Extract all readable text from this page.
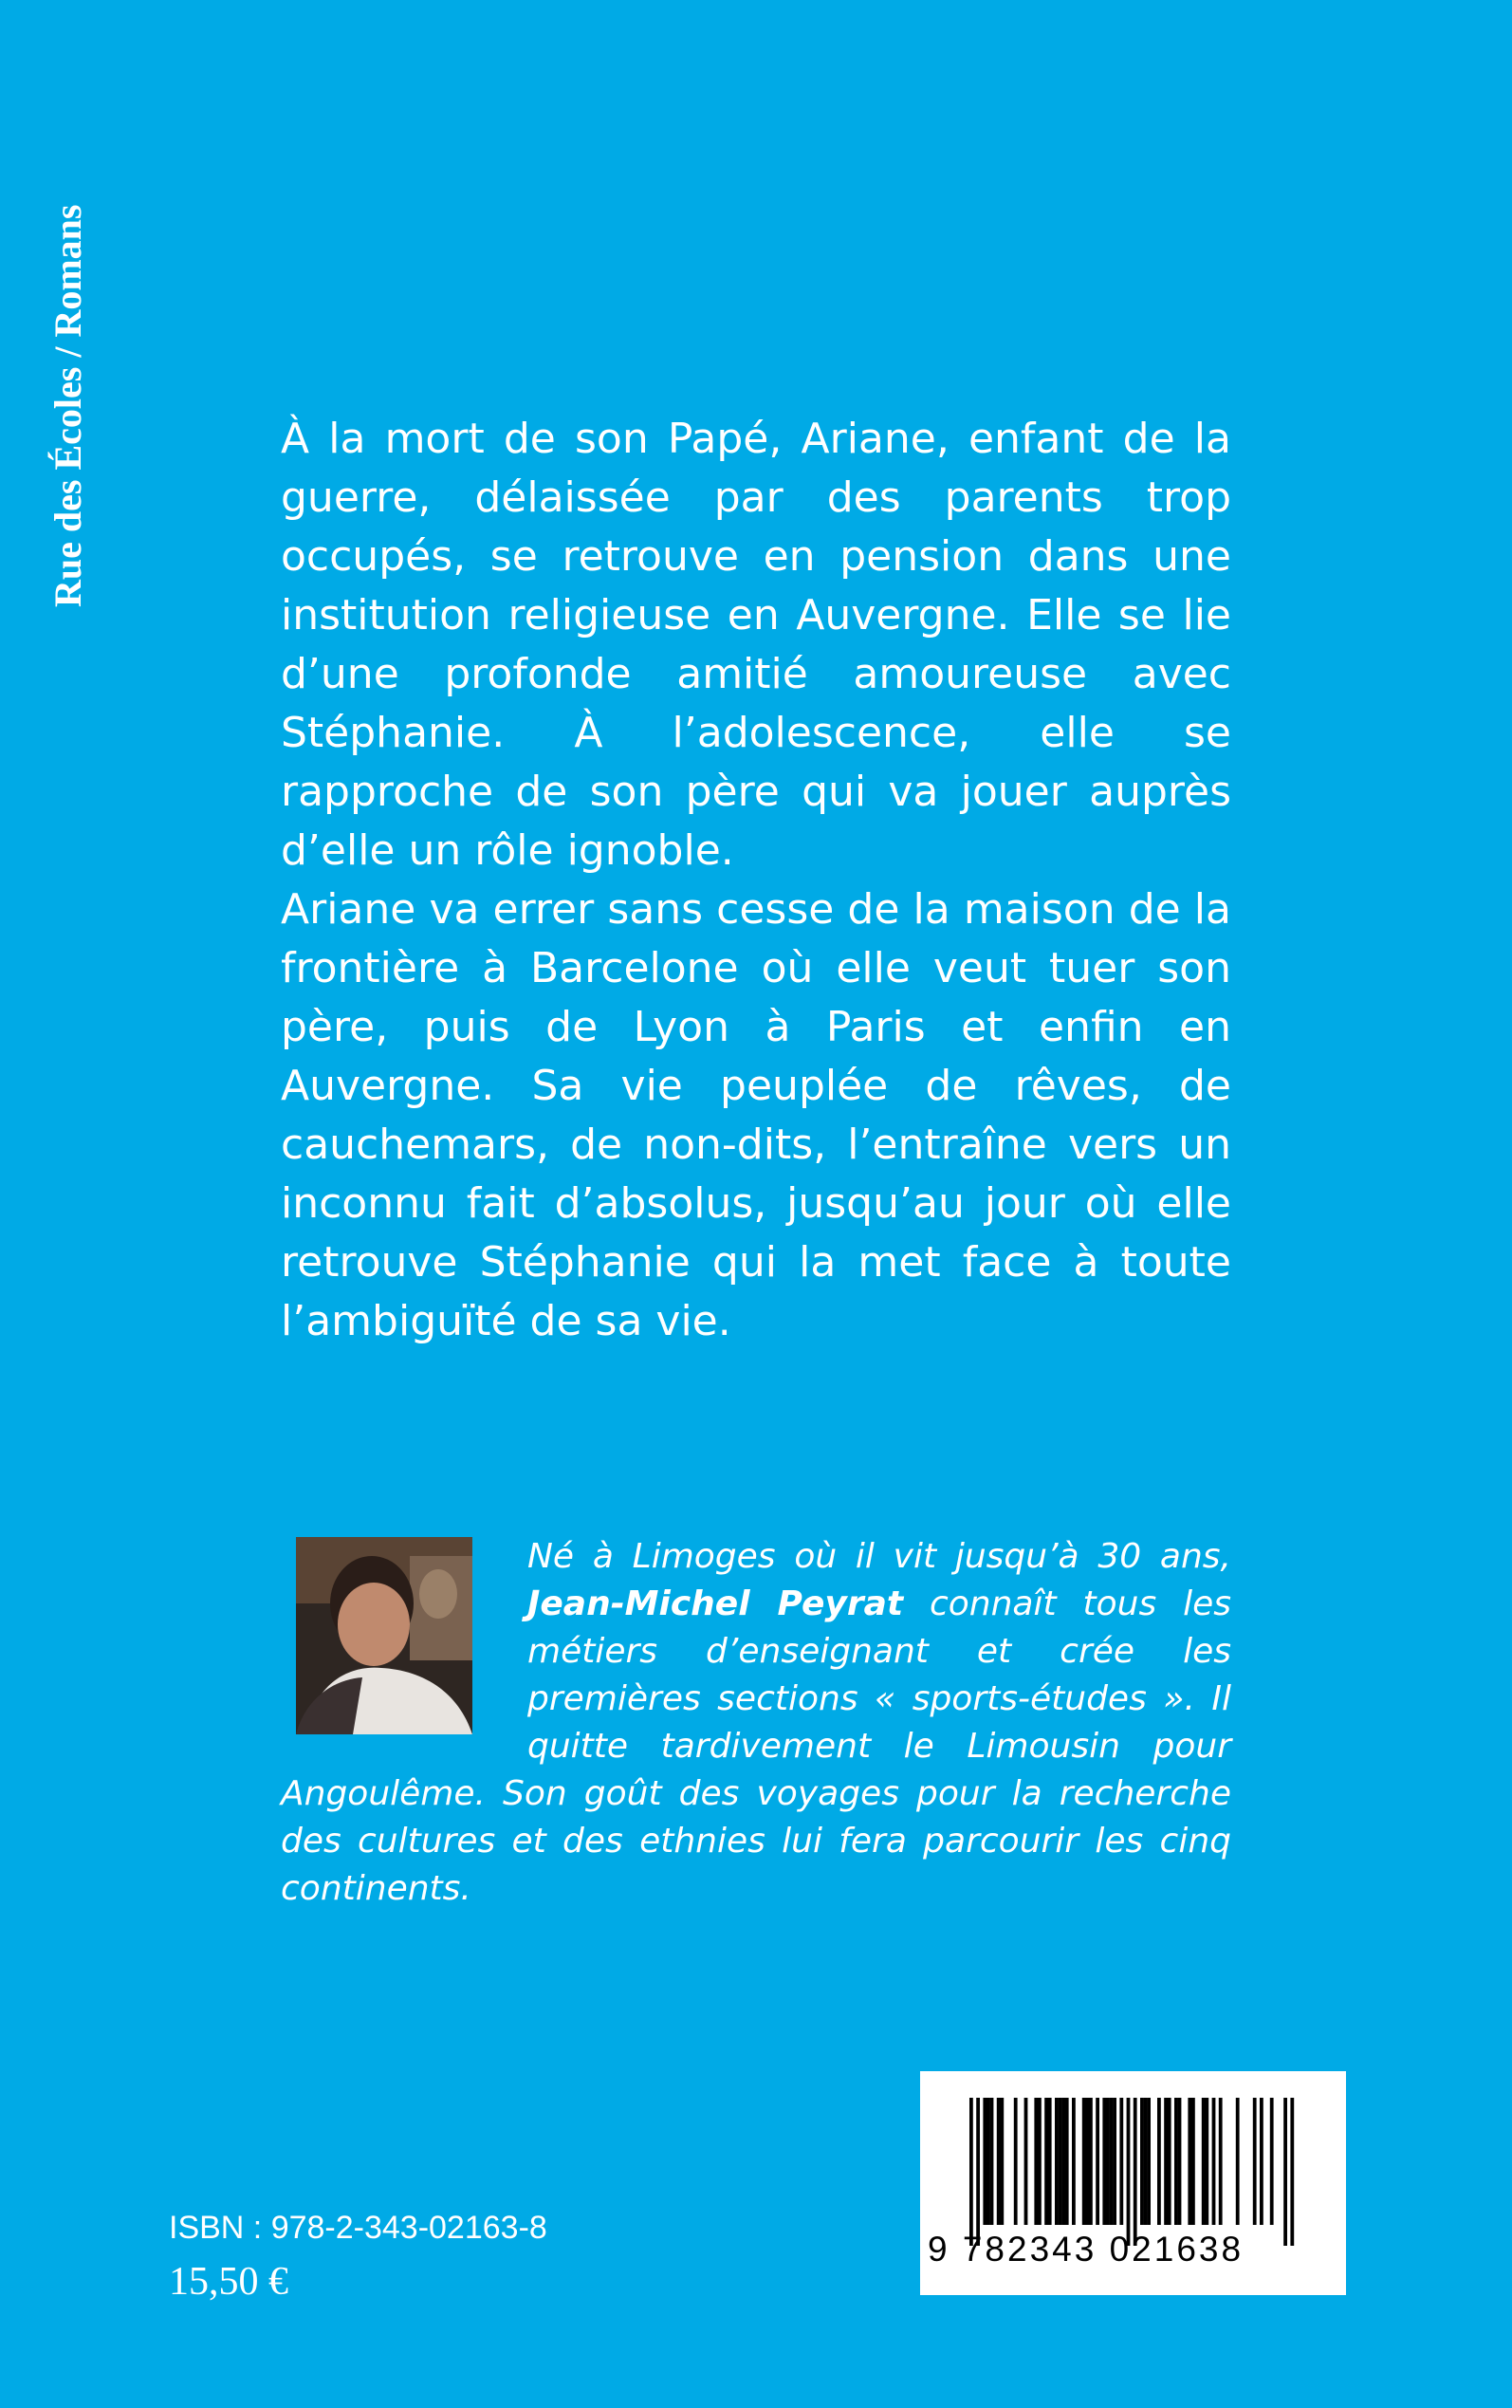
Rue des Écoles / Romans

À la mort de son Papé, Ariane, enfant de la guerre, délaissée par des parents trop occupés, se retrouve en pension dans une institution religieuse en Auvergne. Elle se lie d’une profonde amitié amoureuse avec Stéphanie. À l’adolescence, elle se rapproche de son père qui va jouer auprès d’elle un rôle ignoble.

Ariane va errer sans cesse de la maison de la frontière à Barcelone où elle veut tuer son père, puis de Lyon à Paris et enfin en Auvergne. Sa vie peuplée de rêves, de cauchemars, de non-dits, l’entraîne vers un inconnu fait d’absolus, jusqu’au jour où elle retrouve Stéphanie qui la met face à toute l’ambiguïté de sa vie.

Né à Limoges où il vit jusqu’à 30 ans, Jean-Michel Peyrat connaît tous les métiers d’enseignant et crée les premières sections « sports-études ». Il quitte tardivement le Limousin pour Angoulême. Son goût des voyages pour la recherche des cultures et des ethnies lui fera parcourir les cinq continents.

ISBN : 978-2-343-02163-8
15,50 €
9 782343 021638
